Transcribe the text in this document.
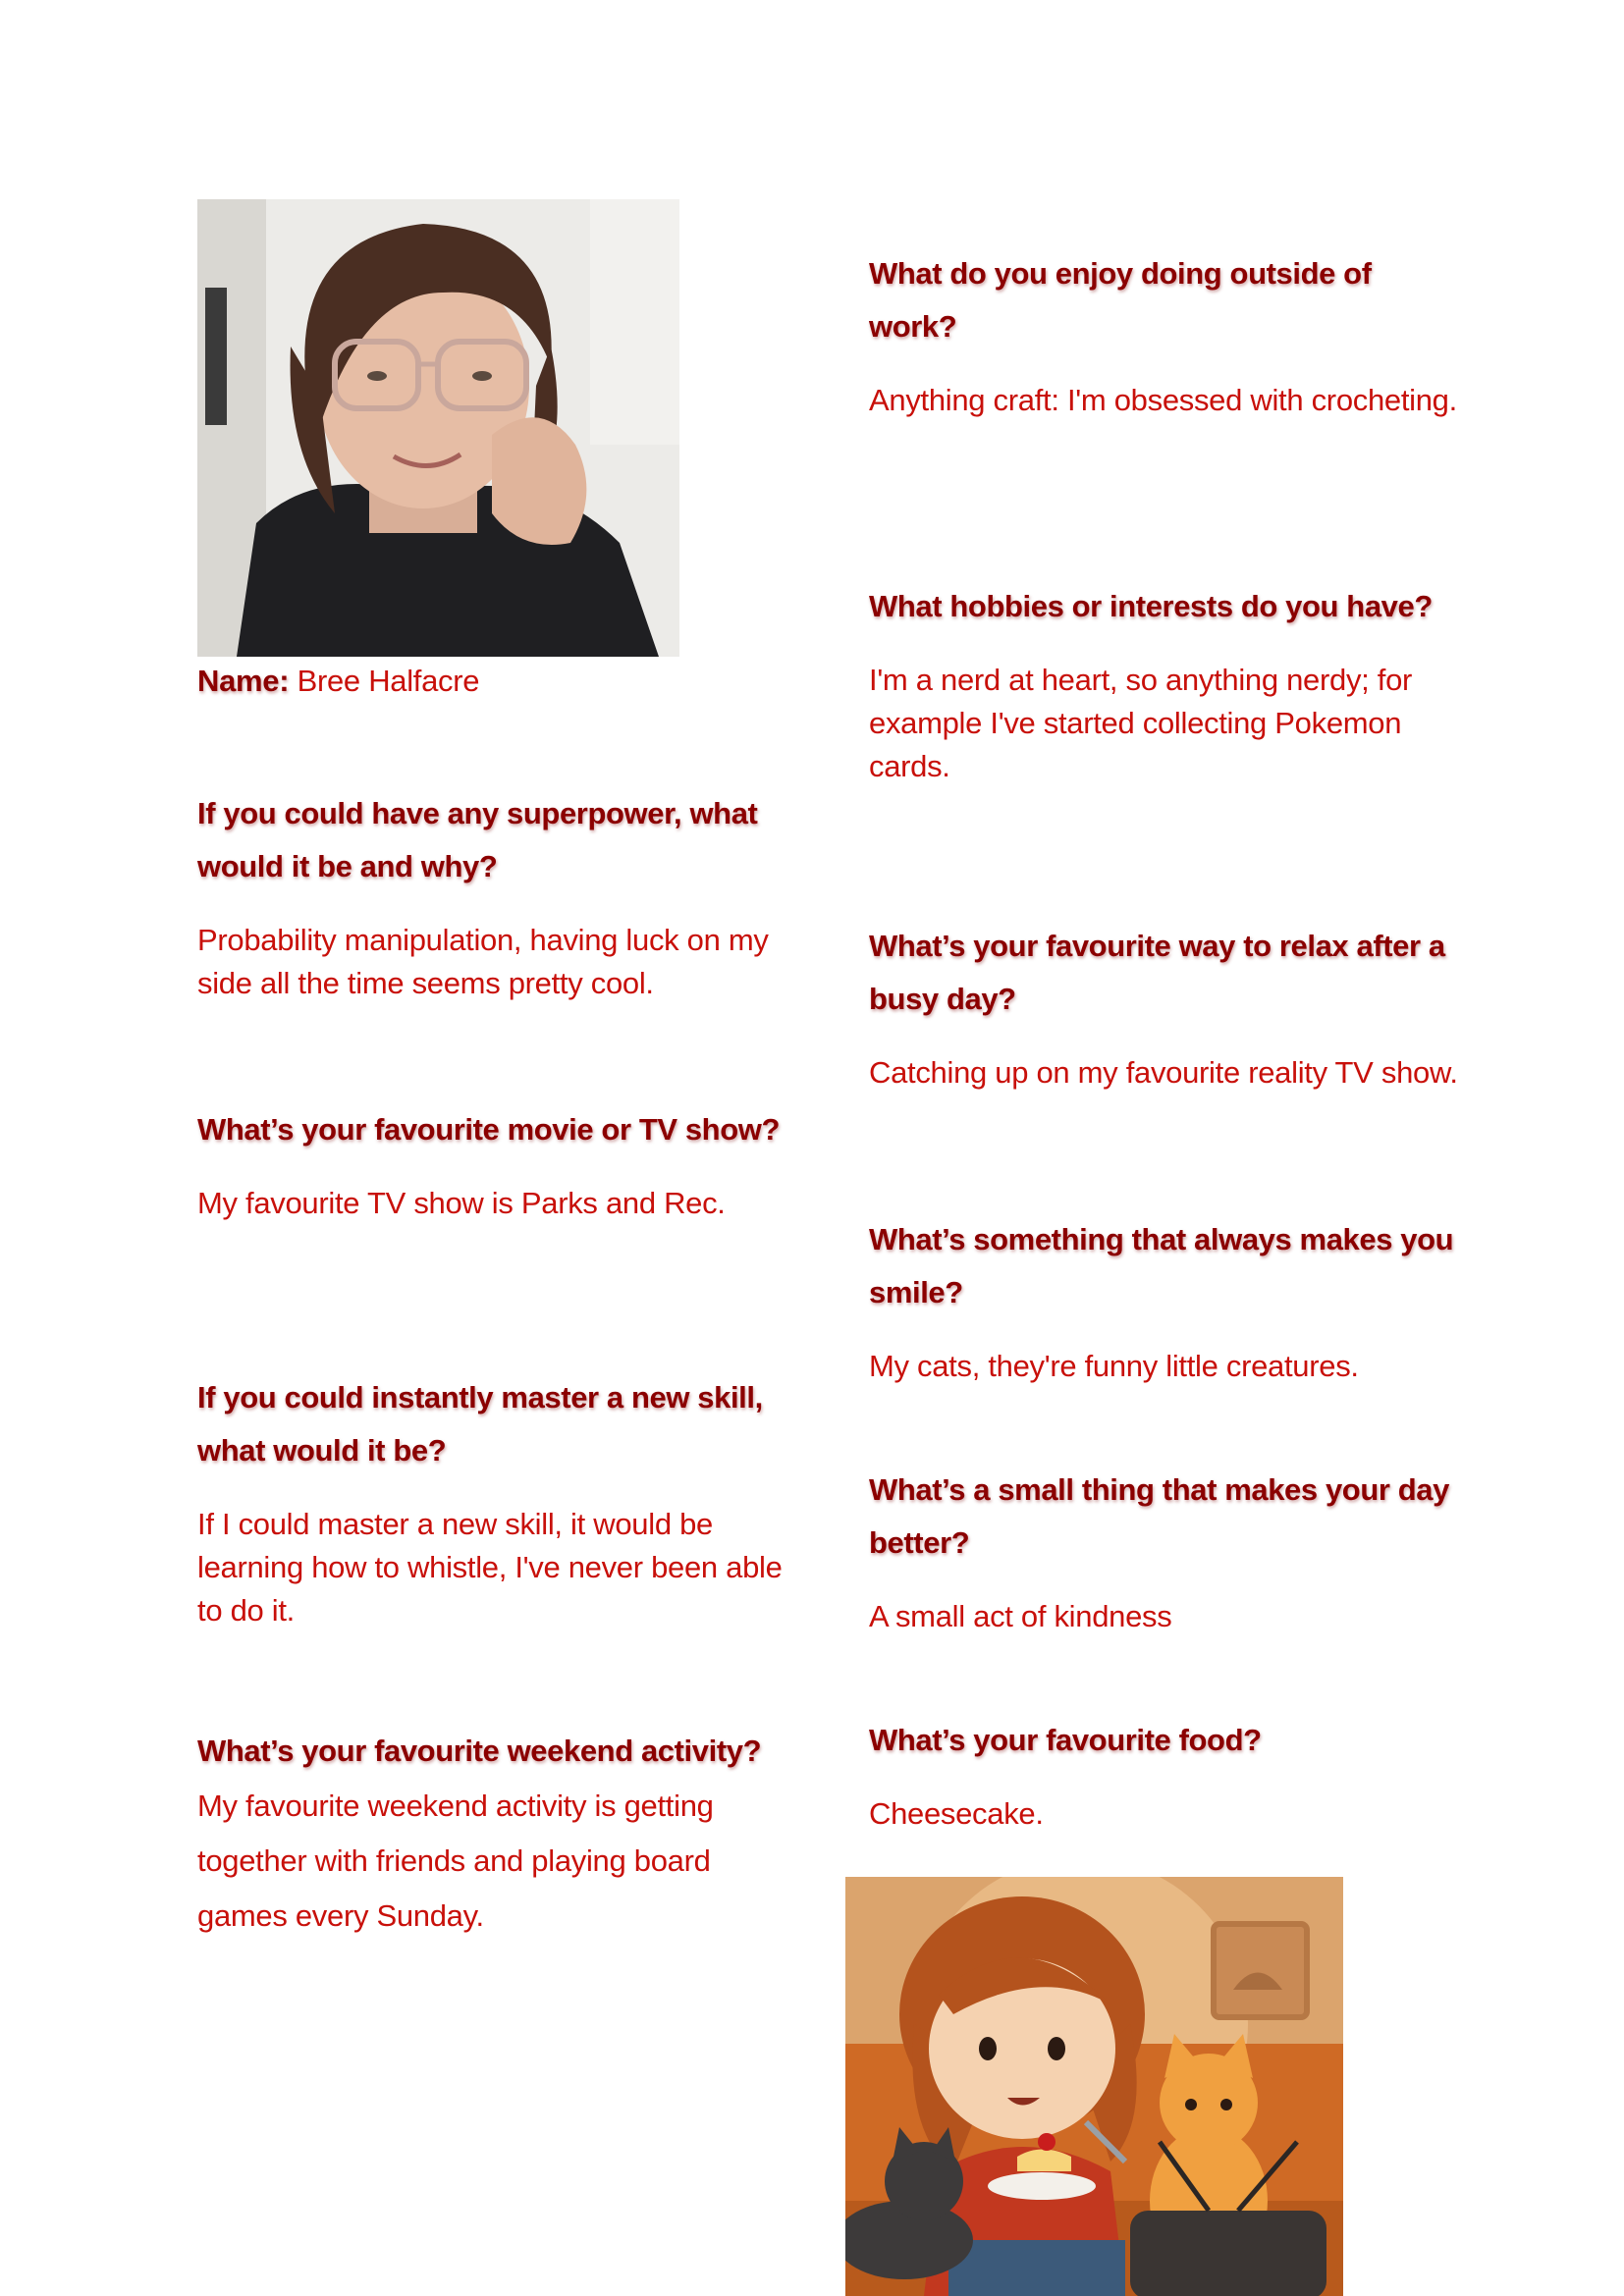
Name: Bree Halfacre

If you could have any superpower, what would it be and why?

Probability manipulation, having luck on my side all the time seems pretty cool.

What’s your favourite movie or TV show?

My favourite TV show is Parks and Rec.

If you could instantly master a new skill, what would it be?

If I could master a new skill, it would be learning how to whistle, I've never been able to do it.

What’s your favourite weekend activity? My favourite weekend activity is getting together with friends and playing board games every Sunday.

What do you enjoy doing outside of work?

Anything craft: I'm obsessed with crocheting.

What hobbies or interests do you have?

I'm a nerd at heart, so anything nerdy; for example I've started collecting Pokemon cards.

What’s your favourite way to relax after a busy day?

Catching up on my favourite reality TV show.

What’s something that always makes you smile?

My cats, they're funny little creatures.

What’s a small thing that makes your day better?

A small act of kindness

What’s your favourite food?

Cheesecake.
